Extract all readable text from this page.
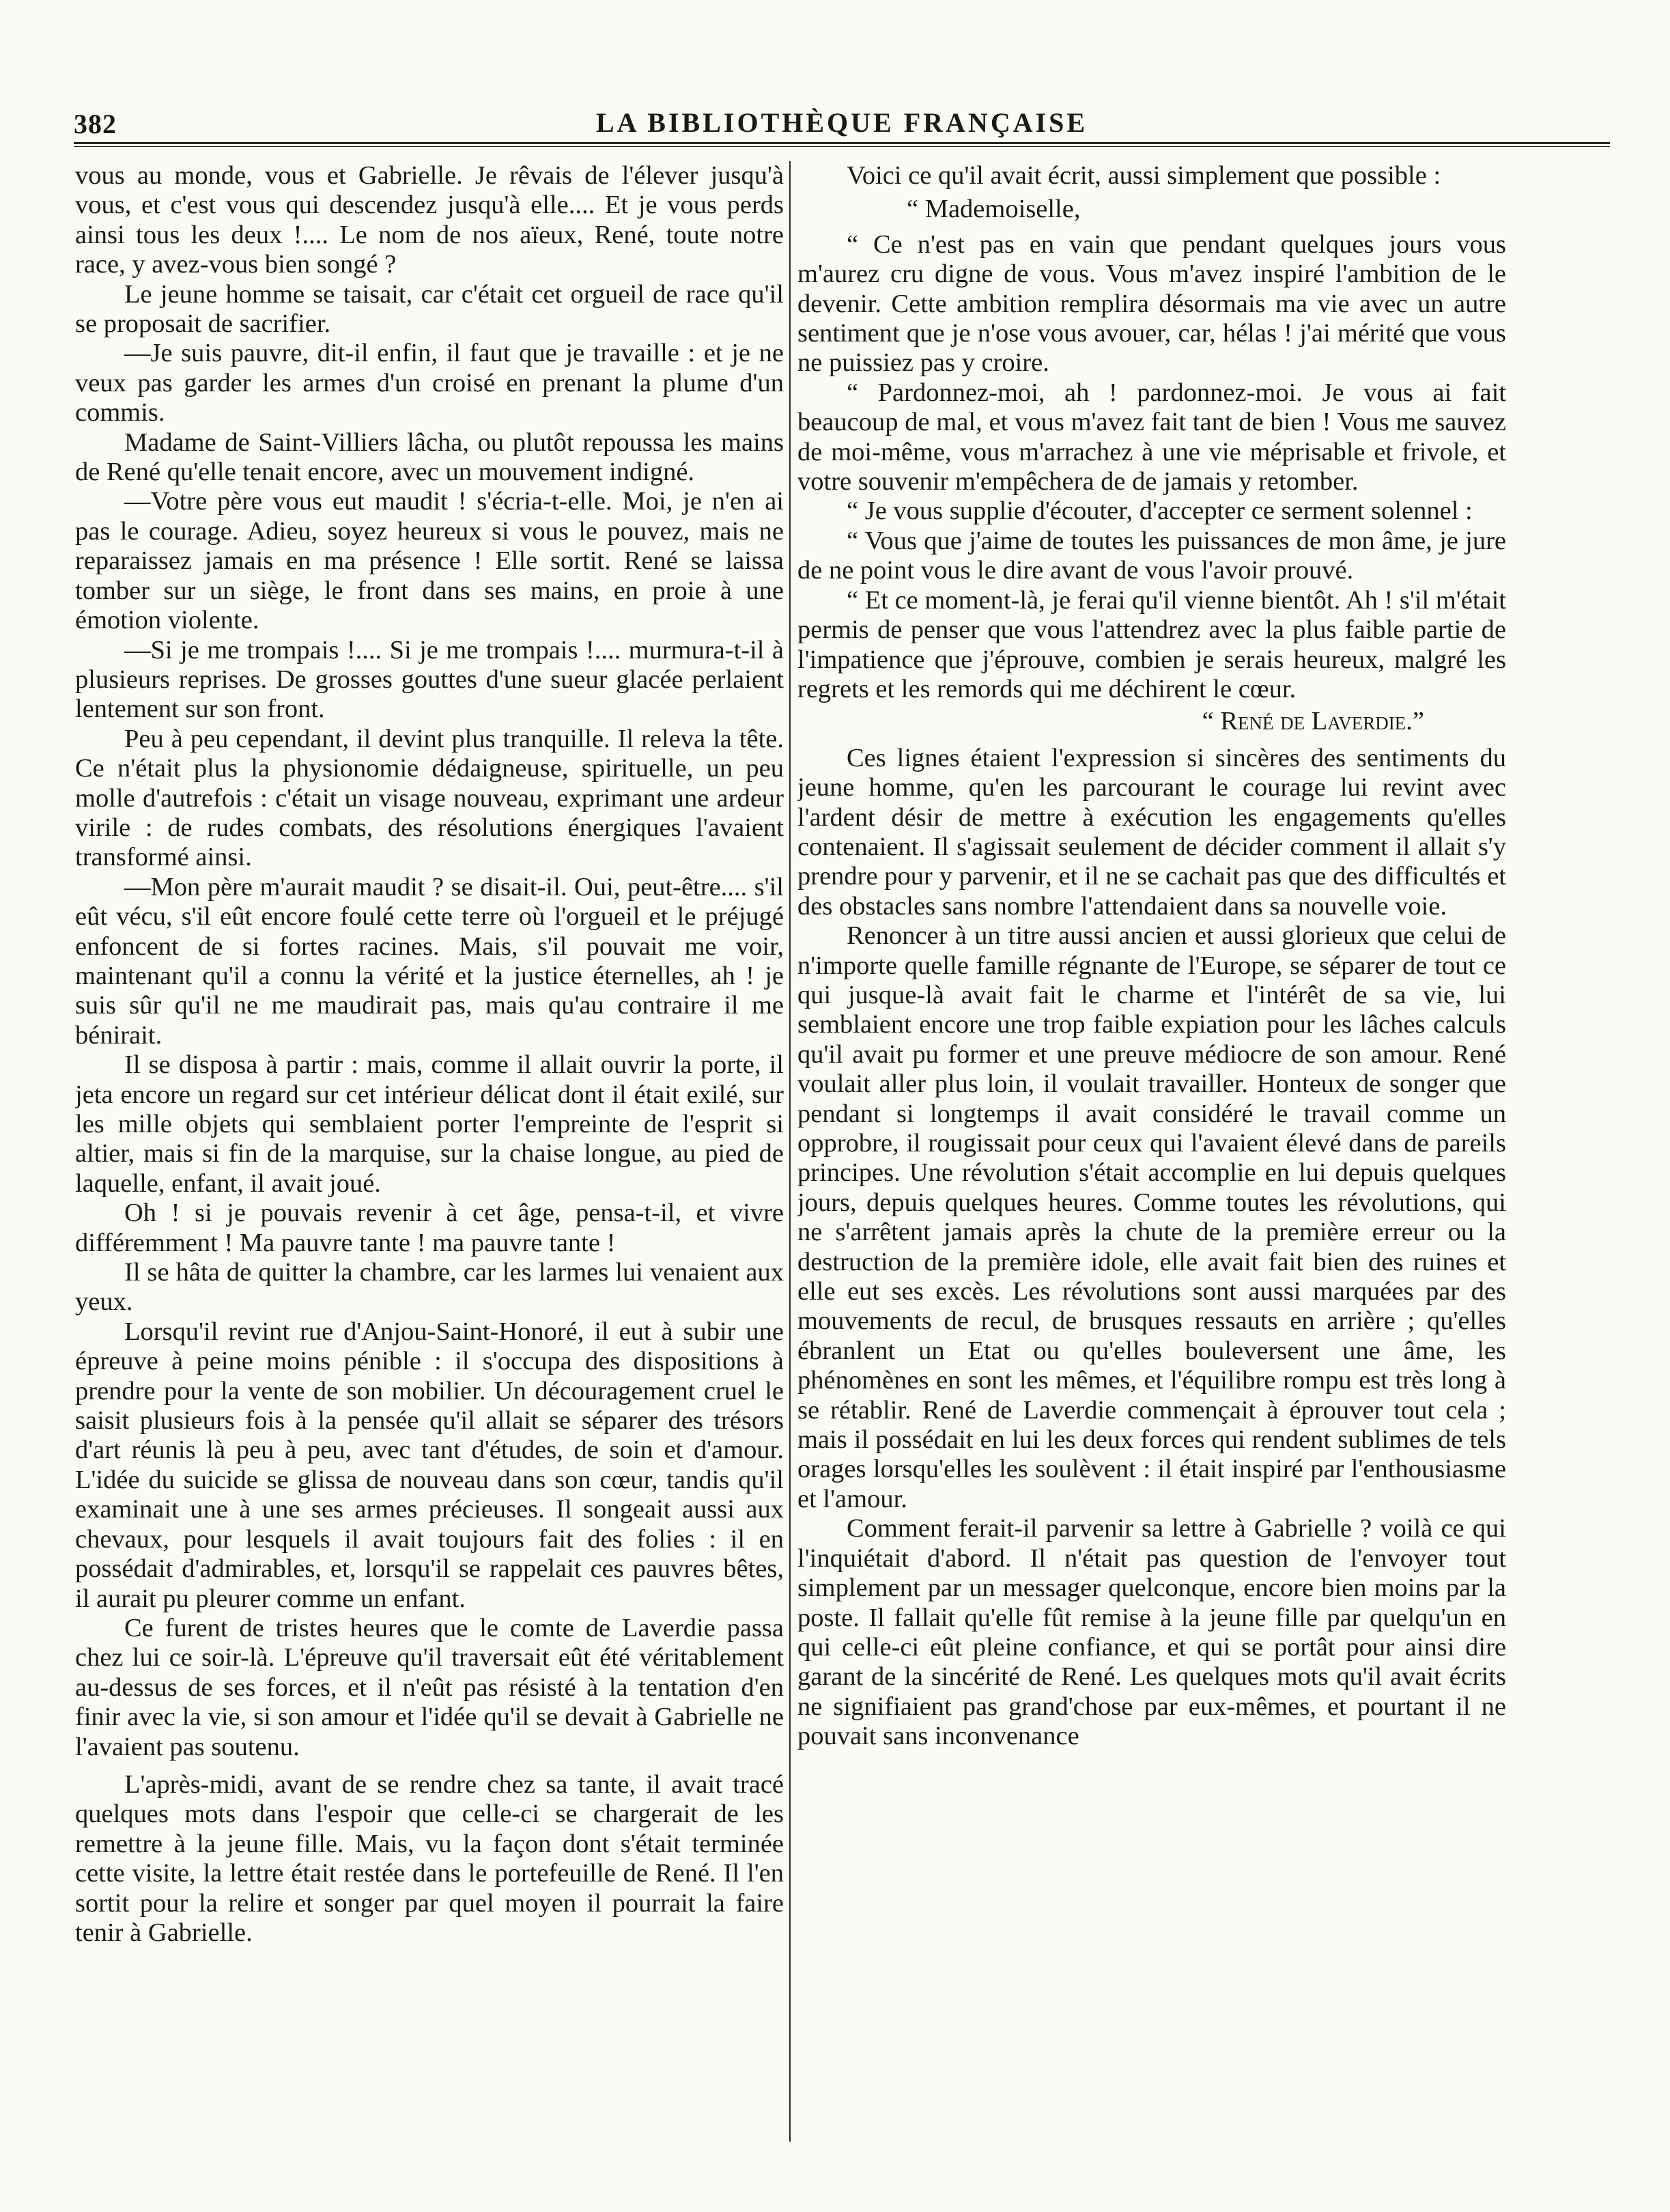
382	LA BIBLIOTHÈQUE FRANÇAISE

vous au monde, vous et Gabrielle. Je rêvais de l'élever jusqu'à vous, et c'est vous qui descendez jusqu'à elle.... Et je vous perds ainsi tous les deux !.... Le nom de nos aïeux, René, toute notre race, y avez-vous bien songé ?

Le jeune homme se taisait, car c'était cet orgueil de race qu'il se proposait de sacrifier.

—Je suis pauvre, dit-il enfin, il faut que je travaille : et je ne veux pas garder les armes d'un croisé en prenant la plume d'un commis.

Madame de Saint-Villiers lâcha, ou plutôt repoussa les mains de René qu'elle tenait encore, avec un mouvement indigné.

—Votre père vous eut maudit ! s'écria-t-elle. Moi, je n'en ai pas le courage. Adieu, soyez heureux si vous le pouvez, mais ne reparaissez jamais en ma présence ! Elle sortit. René se laissa tomber sur un siège, le front dans ses mains, en proie à une émotion violente.

—Si je me trompais !.... Si je me trompais !.... murmura-t-il à plusieurs reprises. De grosses gouttes d'une sueur glacée perlaient lentement sur son front.

Peu à peu cependant, il devint plus tranquille. Il releva la tête. Ce n'était plus la physionomie dédaigneuse, spirituelle, un peu molle d'autrefois : c'était un visage nouveau, exprimant une ardeur virile : de rudes combats, des résolutions énergiques l'avaient transformé ainsi.

—Mon père m'aurait maudit ? se disait-il. Oui, peut-être.... s'il eût vécu, s'il eût encore foulé cette terre où l'orgueil et le préjugé enfoncent de si fortes racines. Mais, s'il pouvait me voir, maintenant qu'il a connu la vérité et la justice éternelles, ah ! je suis sûr qu'il ne me maudirait pas, mais qu'au contraire il me bénirait.

Il se disposa à partir : mais, comme il allait ouvrir la porte, il jeta encore un regard sur cet intérieur délicat dont il était exilé, sur les mille objets qui semblaient porter l'empreinte de l'esprit si altier, mais si fin de la marquise, sur la chaise longue, au pied de laquelle, enfant, il avait joué.

Oh ! si je pouvais revenir à cet âge, pensa-t-il, et vivre différemment ! Ma pauvre tante ! ma pauvre tante !

Il se hâta de quitter la chambre, car les larmes lui venaient aux yeux.

Lorsqu'il revint rue d'Anjou-Saint-Honoré, il eut à subir une épreuve à peine moins pénible : il s'occupa des dispositions à prendre pour la vente de son mobilier. Un découragement cruel le saisit plusieurs fois à la pensée qu'il allait se séparer des trésors d'art réunis là peu à peu, avec tant d'études, de soin et d'amour. L'idée du suicide se glissa de nouveau dans son cœur, tandis qu'il examinait une à une ses armes précieuses. Il songeait aussi aux chevaux, pour lesquels il avait toujours fait des folies : il en possédait d'admirables, et, lorsqu'il se rappelait ces pauvres bêtes, il aurait pu pleurer comme un enfant.

Ce furent de tristes heures que le comte de Laverdie passa chez lui ce soir-là. L'épreuve qu'il traversait eût été véritablement au-dessus de ses forces, et il n'eût pas résisté à la tentation d'en finir avec la vie, si son amour et l'idée qu'il se devait à Gabrielle ne l'avaient pas soutenu.

L'après-midi, avant de se rendre chez sa tante, il avait tracé quelques mots dans l'espoir que celle-ci se chargerait de les remettre à la jeune fille. Mais, vu la façon dont s'était terminée cette visite, la lettre était restée dans le portefeuille de René. Il l'en sortit pour la relire et songer par quel moyen il pourrait la faire tenir à Gabrielle.

Voici ce qu'il avait écrit, aussi simplement que possible :

“ Mademoiselle,

“ Ce n'est pas en vain que pendant quelques jours vous m'aurez cru digne de vous. Vous m'avez inspiré l'ambition de le devenir. Cette ambition remplira désormais ma vie avec un autre sentiment que je n'ose vous avouer, car, hélas ! j'ai mérité que vous ne puissiez pas y croire.

“ Pardonnez-moi, ah ! pardonnez-moi. Je vous ai fait beaucoup de mal, et vous m'avez fait tant de bien ! Vous me sauvez de moi-même, vous m'arrachez à une vie méprisable et frivole, et votre souvenir m'empêchera de de jamais y retomber.

“ Je vous supplie d'écouter, d'accepter ce serment solennel :

“ Vous que j'aime de toutes les puissances de mon âme, je jure de ne point vous le dire avant de vous l'avoir prouvé.

“ Et ce moment-là, je ferai qu'il vienne bientôt. Ah ! s'il m'était permis de penser que vous l'attendrez avec la plus faible partie de l'impatience que j'éprouve, combien je serais heureux, malgré les regrets et les remords qui me déchirent le cœur.

“ René de Laverdie.”

Ces lignes étaient l'expression si sincères des sentiments du jeune homme, qu'en les parcourant le courage lui revint avec l'ardent désir de mettre à exécution les engagements qu'elles contenaient. Il s'agissait seulement de décider comment il allait s'y prendre pour y parvenir, et il ne se cachait pas que des difficultés et des obstacles sans nombre l'attendaient dans sa nouvelle voie.

Renoncer à un titre aussi ancien et aussi glorieux que celui de n'importe quelle famille régnante de l'Europe, se séparer de tout ce qui jusque-là avait fait le charme et l'intérêt de sa vie, lui semblaient encore une trop faible expiation pour les lâches calculs qu'il avait pu former et une preuve médiocre de son amour. René voulait aller plus loin, il voulait travailler. Honteux de songer que pendant si longtemps il avait considéré le travail comme un opprobre, il rougissait pour ceux qui l'avaient élevé dans de pareils principes. Une révolution s'était accomplie en lui depuis quelques jours, depuis quelques heures. Comme toutes les révolutions, qui ne s'arrêtent jamais après la chute de la première erreur ou la destruction de la première idole, elle avait fait bien des ruines et elle eut ses excès. Les révolutions sont aussi marquées par des mouvements de recul, de brusques ressauts en arrière ; qu'elles ébranlent un Etat ou qu'elles bouleversent une âme, les phénomènes en sont les mêmes, et l'équilibre rompu est très long à se rétablir. René de Laverdie commençait à éprouver tout cela ; mais il possédait en lui les deux forces qui rendent sublimes de tels orages lorsqu'elles les soulèvent : il était inspiré par l'enthousiasme et l'amour.

Comment ferait-il parvenir sa lettre à Gabrielle ? voilà ce qui l'inquiétait d'abord. Il n'était pas question de l'envoyer tout simplement par un messager quelconque, encore bien moins par la poste. Il fallait qu'elle fût remise à la jeune fille par quelqu'un en qui celle-ci eût pleine confiance, et qui se portât pour ainsi dire garant de la sincérité de René. Les quelques mots qu'il avait écrits ne signifiaient pas grand'chose par eux-mêmes, et pourtant il ne pouvait sans inconvenance
